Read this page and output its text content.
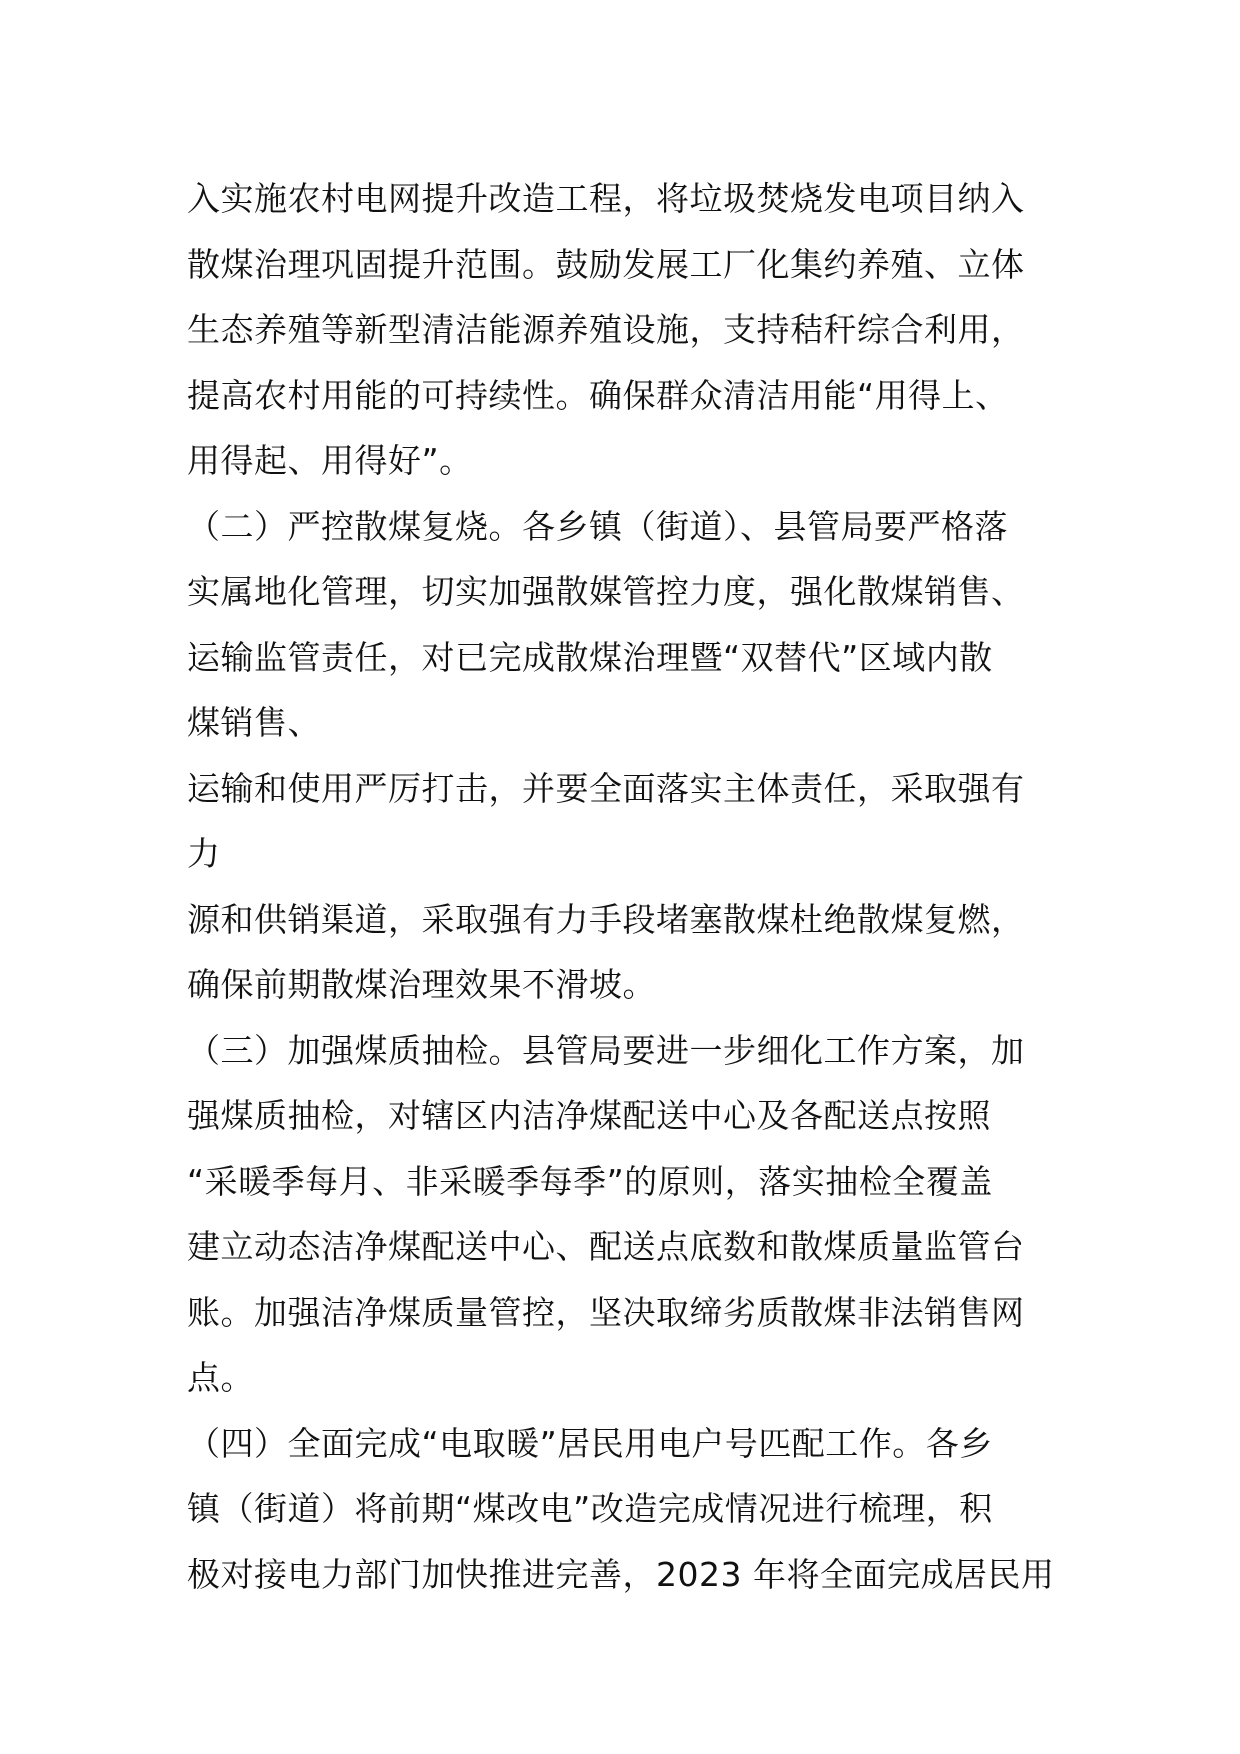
入实施农村电网提升改造工程，将垃圾焚烧发电项目纳入
散煤治理巩固提升范围。鼓励发展工厂化集约养殖、立体
生态养殖等新型清洁能源养殖设施，支持秸秆综合利用，
提高农村用能的可持续性。确保群众清洁用能“用得上、
用得起、用得好”。
（二）严控散煤复烧。各乡镇（街道）、县管局要严格落
实属地化管理，切实加强散媒管控力度，强化散煤销售、
运输监管责任，对已完成散煤治理暨“双替代”区域内散
煤销售、
运输和使用严厉打击，并要全面落实主体责任，采取强有
力
源和供销渠道，采取强有力手段堵塞散煤杜绝散煤复燃，
确保前期散煤治理效果不滑坡。
（三）加强煤质抽检。县管局要进一步细化工作方案，加
强煤质抽检，对辖区内洁净煤配送中心及各配送点按照
“采暖季每月、非采暖季每季”的原则，落实抽检全覆盖
建立动态洁净煤配送中心、配送点底数和散煤质量监管台
账。加强洁净煤质量管控，坚决取缔劣质散煤非法销售网
点。
（四）全面完成“电取暖”居民用电户号匹配工作。各乡
镇（街道）将前期“煤改电”改造完成情况进行梳理，积
极对接电力部门加快推进完善，2023 年将全面完成居民用
